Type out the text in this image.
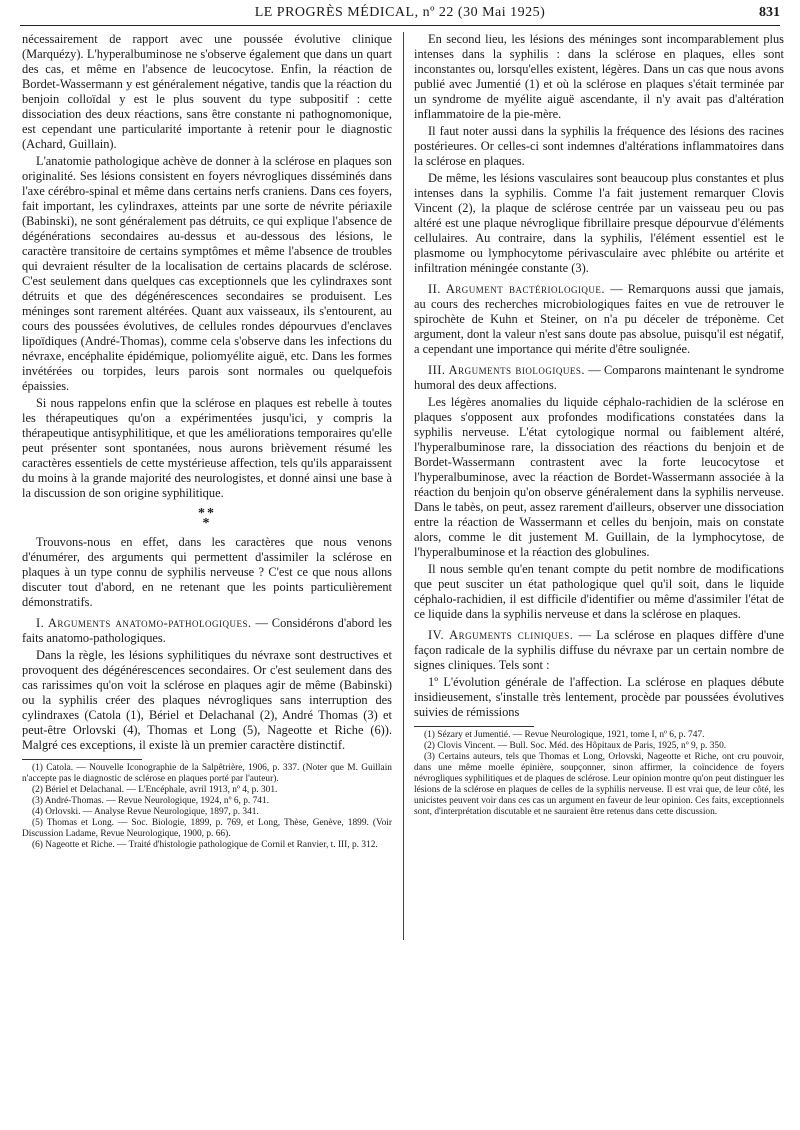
LE PROGRÈS MÉDICAL, nº 22 (30 Mai 1925)	831

nécessairement de rapport avec une poussée évolutive clinique (Marquézy). L'hyperalbuminose ne s'observe également que dans un quart des cas, et même en l'absence de leucocytose. Enfin, la réaction de Bordet-Wassermann y est généralement négative, tandis que la réaction du benjoin colloïdal y est le plus souvent du type subpositif : cette dissociation des deux réactions, sans être constante ni pathognomonique, est cependant une particularité importante à retenir pour le diagnostic (Achard, Guillain).

L'anatomie pathologique achève de donner à la sclérose en plaques son originalité. Ses lésions consistent en foyers névrogliques disséminés dans l'axe cérébro-spinal et même dans certains nerfs craniens. Dans ces foyers, fait important, les cylindraxes, atteints par une sorte de névrite périaxile (Babinski), ne sont généralement pas détruits, ce qui explique l'absence de dégénérations secondaires au-dessus et au-dessous des lésions, le caractère transitoire de certains symptômes et même l'absence de troubles qui devraient résulter de la localisation de certains placards de sclérose. C'est seulement dans quelques cas exceptionnels que les cylindraxes sont détruits et que des dégénérescences secondaires se produisent. Les méninges sont rarement altérées. Quant aux vaisseaux, ils s'entourent, au cours des poussées évolutives, de cellules rondes dépourvues d'enclaves lipoïdiques (André-Thomas), comme cela s'observe dans les infections du névraxe, encéphalite épidémique, poliomyélite aiguë, etc. Dans les formes invétérées ou torpides, leurs parois sont normales ou quelquefois épaissies.

Si nous rappelons enfin que la sclérose en plaques est rebelle à toutes les thérapeutiques qu'on a expérimentées jusqu'ici, y compris la thérapeutique antisyphilitique, et que les améliorations temporaires qu'elle peut présenter sont spontanées, nous aurons brièvement résumé les caractères essentiels de cette mystérieuse affection, tels qu'ils apparaissent du moins à la grande majorité des neurologistes, et donné ainsi une base à la discussion de son origine syphilitique.

**
*

Trouvons-nous en effet, dans les caractères que nous venons d'énumérer, des arguments qui permettent d'assimiler la sclérose en plaques à un type connu de syphilis nerveuse ? C'est ce que nous allons discuter tout d'abord, en ne retenant que les points particulièrement démonstratifs.

I. Arguments anatomo-pathologiques. — Considérons d'abord les faits anatomo-pathologiques.

Dans la règle, les lésions syphilitiques du névraxe sont destructives et provoquent des dégénérescences secondaires. Or c'est seulement dans des cas rarissimes qu'on voit la sclérose en plaques agir de même (Babinski) ou la syphilis créer des plaques névrogliques sans interruption des cylindraxes (Catola (1), Bériel et Delachanal (2), André Thomas (3) et peut-être Orlovski (4), Thomas et Long (5), Nageotte et Riche (6)). Malgré ces exceptions, il existe là un premier caractère distinctif.

(1) Catola. — Nouvelle Iconographie de la Salpêtrière, 1906, p. 337. (Noter que M. Guillain n'accepte pas le diagnostic de sclérose en plaques porté par l'auteur).

(2) Bériel et Delachanal. — L'Encéphale, avril 1913, nº 4, p. 301.

(3) André-Thomas. — Revue Neurologique, 1924, nº 6, p. 741.

(4) Orlovski. — Analyse Revue Neurologique, 1897, p. 341.

(5) Thomas et Long. — Soc. Biologie, 1899, p. 769, et Long, Thèse, Genève, 1899. (Voir Discussion Ladame, Revue Neurologique, 1900, p. 66).

(6) Nageotte et Riche. — Traité d'histologie pathologique de Cornil et Ranvier, t. III, p. 312.

En second lieu, les lésions des méninges sont incomparablement plus intenses dans la syphilis : dans la sclérose en plaques, elles sont inconstantes ou, lorsqu'elles existent, légères. Dans un cas que nous avons publié avec Jumentié (1) et où la sclérose en plaques s'était terminée par un syndrome de myélite aiguë ascendante, il n'y avait pas d'altération inflammatoire de la pie-mère.

Il faut noter aussi dans la syphilis la fréquence des lésions des racines postérieures. Or celles-ci sont indemnes d'altérations inflammatoires dans la sclérose en plaques.

De même, les lésions vasculaires sont beaucoup plus constantes et plus intenses dans la syphilis. Comme l'a fait justement remarquer Clovis Vincent (2), la plaque de sclérose centrée par un vaisseau peu ou pas altéré est une plaque névroglique fibrillaire presque dépourvue d'éléments cellulaires. Au contraire, dans la syphilis, l'élément essentiel est le plasmome ou lymphocytome périvasculaire avec phlébite ou artérite et infiltration méningée constante (3).

II. Argument bactériologique. — Remarquons aussi que jamais, au cours des recherches microbiologiques faites en vue de retrouver le spirochète de Kuhn et Steiner, on n'a pu déceler de tréponème. Cet argument, dont la valeur n'est sans doute pas absolue, puisqu'il est négatif, a cependant une importance qui mérite d'être soulignée.

III. Arguments biologiques. — Comparons maintenant le syndrome humoral des deux affections.

Les légères anomalies du liquide céphalo-rachidien de la sclérose en plaques s'opposent aux profondes modifications constatées dans la syphilis nerveuse. L'état cytologique normal ou faiblement altéré, l'hyperalbuminose rare, la dissociation des réactions du benjoin et de Bordet-Wassermann contrastent avec la forte leucocytose et l'hyperalbuminose, avec la réaction de Bordet-Wassermann associée à la réaction du benjoin qu'on observe généralement dans la syphilis nerveuse. Dans le tabès, on peut, assez rarement d'ailleurs, observer une dissociation entre la réaction de Wassermann et celles du benjoin, mais on constate alors, comme le dit justement M. Guillain, de la lymphocytose, de l'hyperalbuminose et la réaction des globulines.

Il nous semble qu'en tenant compte du petit nombre de modifications que peut susciter un état pathologique quel qu'il soit, dans le liquide céphalo-rachidien, il est difficile d'identifier ou même d'assimiler l'état de ce liquide dans la syphilis nerveuse et dans la sclérose en plaques.

IV. Arguments cliniques. — La sclérose en plaques diffère d'une façon radicale de la syphilis diffuse du névraxe par un certain nombre de signes cliniques. Tels sont :

1º L'évolution générale de l'affection. La sclérose en plaques débute insidieusement, s'installe très lentement, procède par poussées évolutives suivies de rémissions

(1) Sézary et Jumentié. — Revue Neurologique, 1921, tome I, nº 6, p. 747.

(2) Clovis Vincent. — Bull. Soc. Méd. des Hôpitaux de Paris, 1925, nº 9, p. 350.

(3) Certains auteurs, tels que Thomas et Long, Orlovski, Nageotte et Riche, ont cru pouvoir, dans une même moelle épinière, soupçonner, sinon affirmer, la coïncidence de foyers névrogliques syphilitiques et de plaques de sclérose. Leur opinion montre qu'on peut distinguer les lésions de la sclérose en plaques de celles de la syphilis nerveuse. Il est vrai que, de leur côté, les unicistes peuvent voir dans ces cas un argument en faveur de leur opinion. Ces faits, exceptionnels sont, d'interprétation discutable et ne sauraient être retenus dans cette discussion.
